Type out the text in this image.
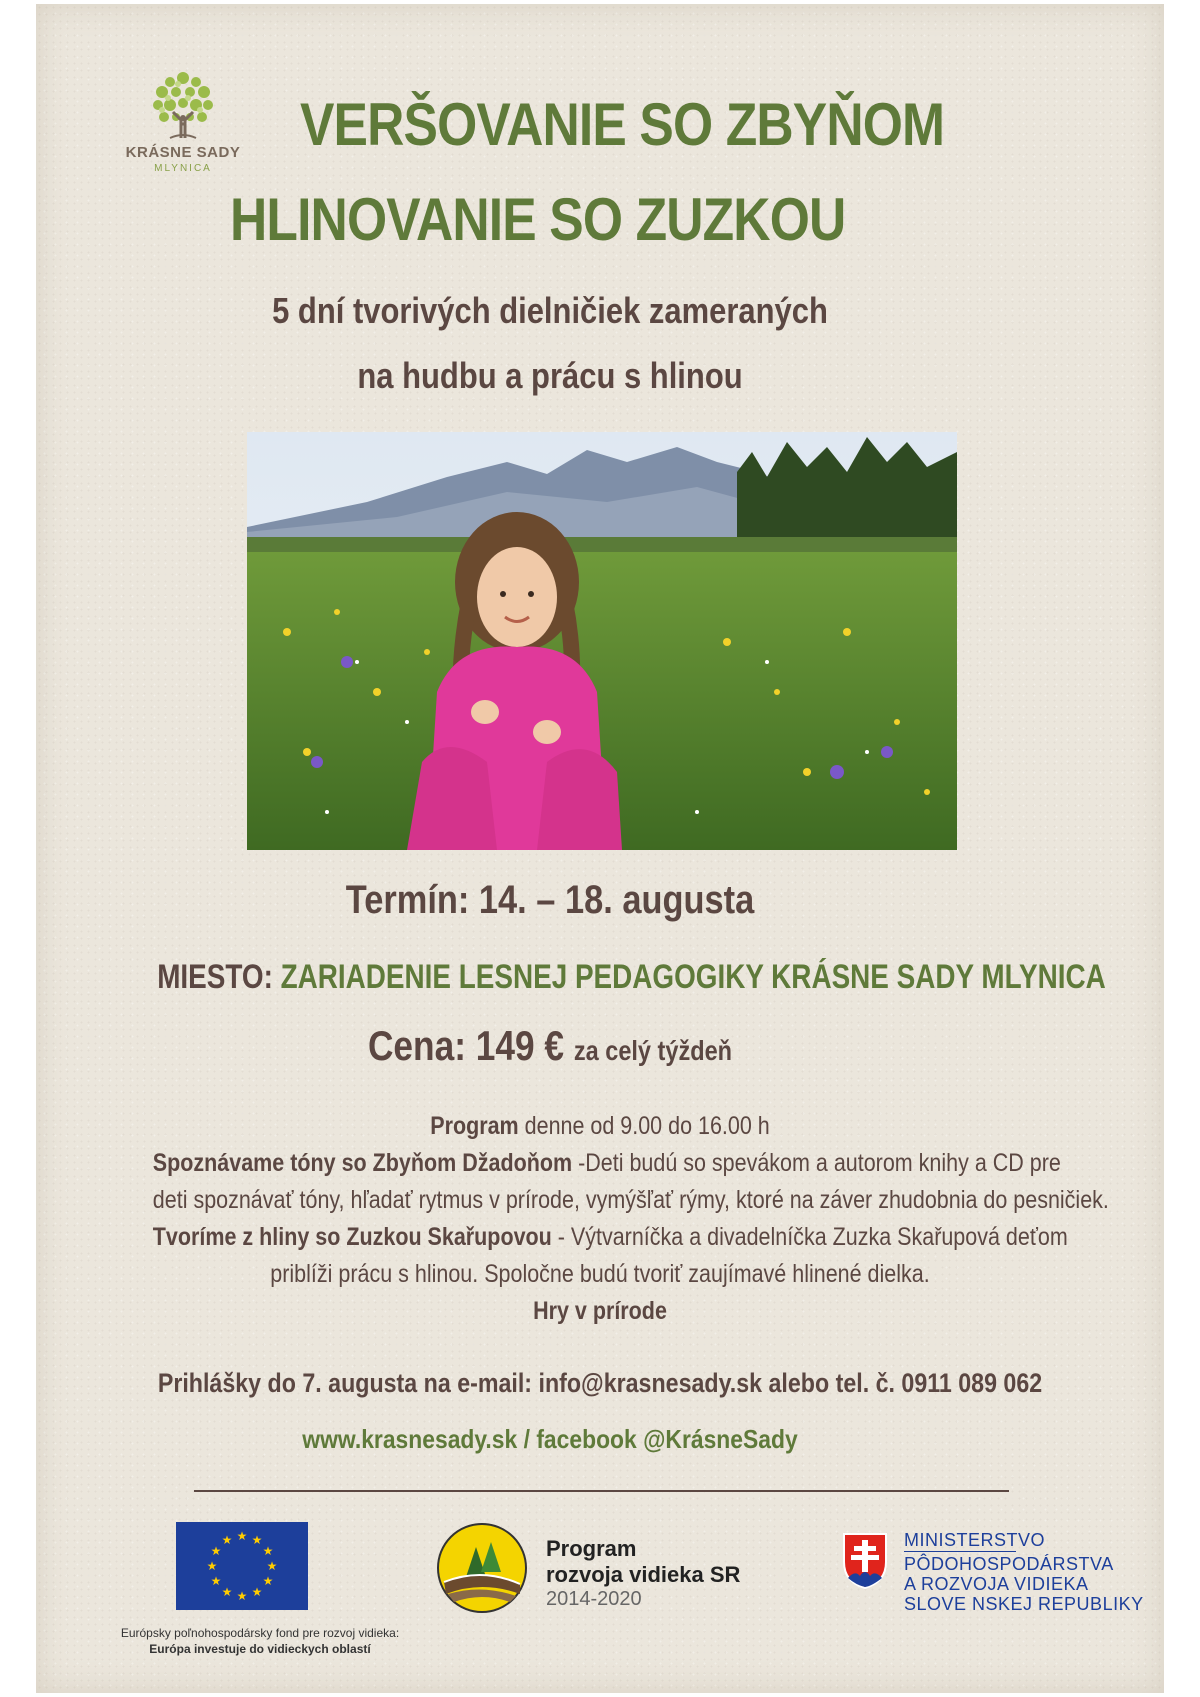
KRÁSNE SADY
MLYNICA
VERŠOVANIE SO ZBYŇOM
HLINOVANIE SO ZUZKOU
5 dní tvorivých dielničiek zameraných
na hudbu a prácu s hlinou
Termín: 14. – 18. augusta
MIESTO: ZARIADENIE LESNEJ PEDAGOGIKY KRÁSNE SADY MLYNICA
Cena: 149 € za celý týždeň
Program denne od 9.00 do 16.00 h
Spoznávame tóny so Zbyňom Džadoňom -Deti budú so spevákom a autorom knihy a CD pre
deti spoznávať tóny, hľadať rytmus v prírode, vymýšľať rýmy, ktoré na záver zhudobnia do pesničiek.
Tvoríme z hliny so Zuzkou Skařupovou - Výtvarníčka a divadelníčka Zuzka Skařupová deťom
priblíži prácu s hlinou. Spoločne budú tvoriť zaujímavé hlinené dielka.
Hry v prírode
Prihlášky do 7. augusta na e-mail: info@krasnesady.sk alebo tel. č. 0911 089 062
www.krasnesady.sk / facebook @KrásneSady
★ ★
★
★
★
★
★
★
★
★
★
★
Európsky poľnohospodársky fond pre rozvoj vidieka:
Európa investuje do vidieckych oblastí
Program
rozvoja vidieka SR
2014-2020
MINISTERSTVO
PÔDOHOSPODÁRSTVA
A ROZVOJA VIDIEKA
SLOVE NSKEJ REPUBLIKY
